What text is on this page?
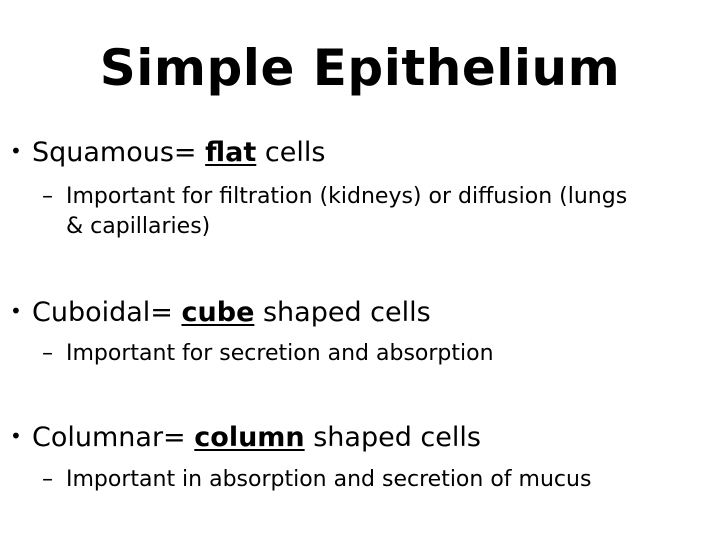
Simple Epithelium
• Squamous= flat cells
– Important for filtration (kidneys) or diffusion (lungs
& capillaries)
• Cuboidal= cube shaped cells
– Important for secretion and absorption
• Columnar= column shaped cells
– Important in absorption and secretion of mucus
